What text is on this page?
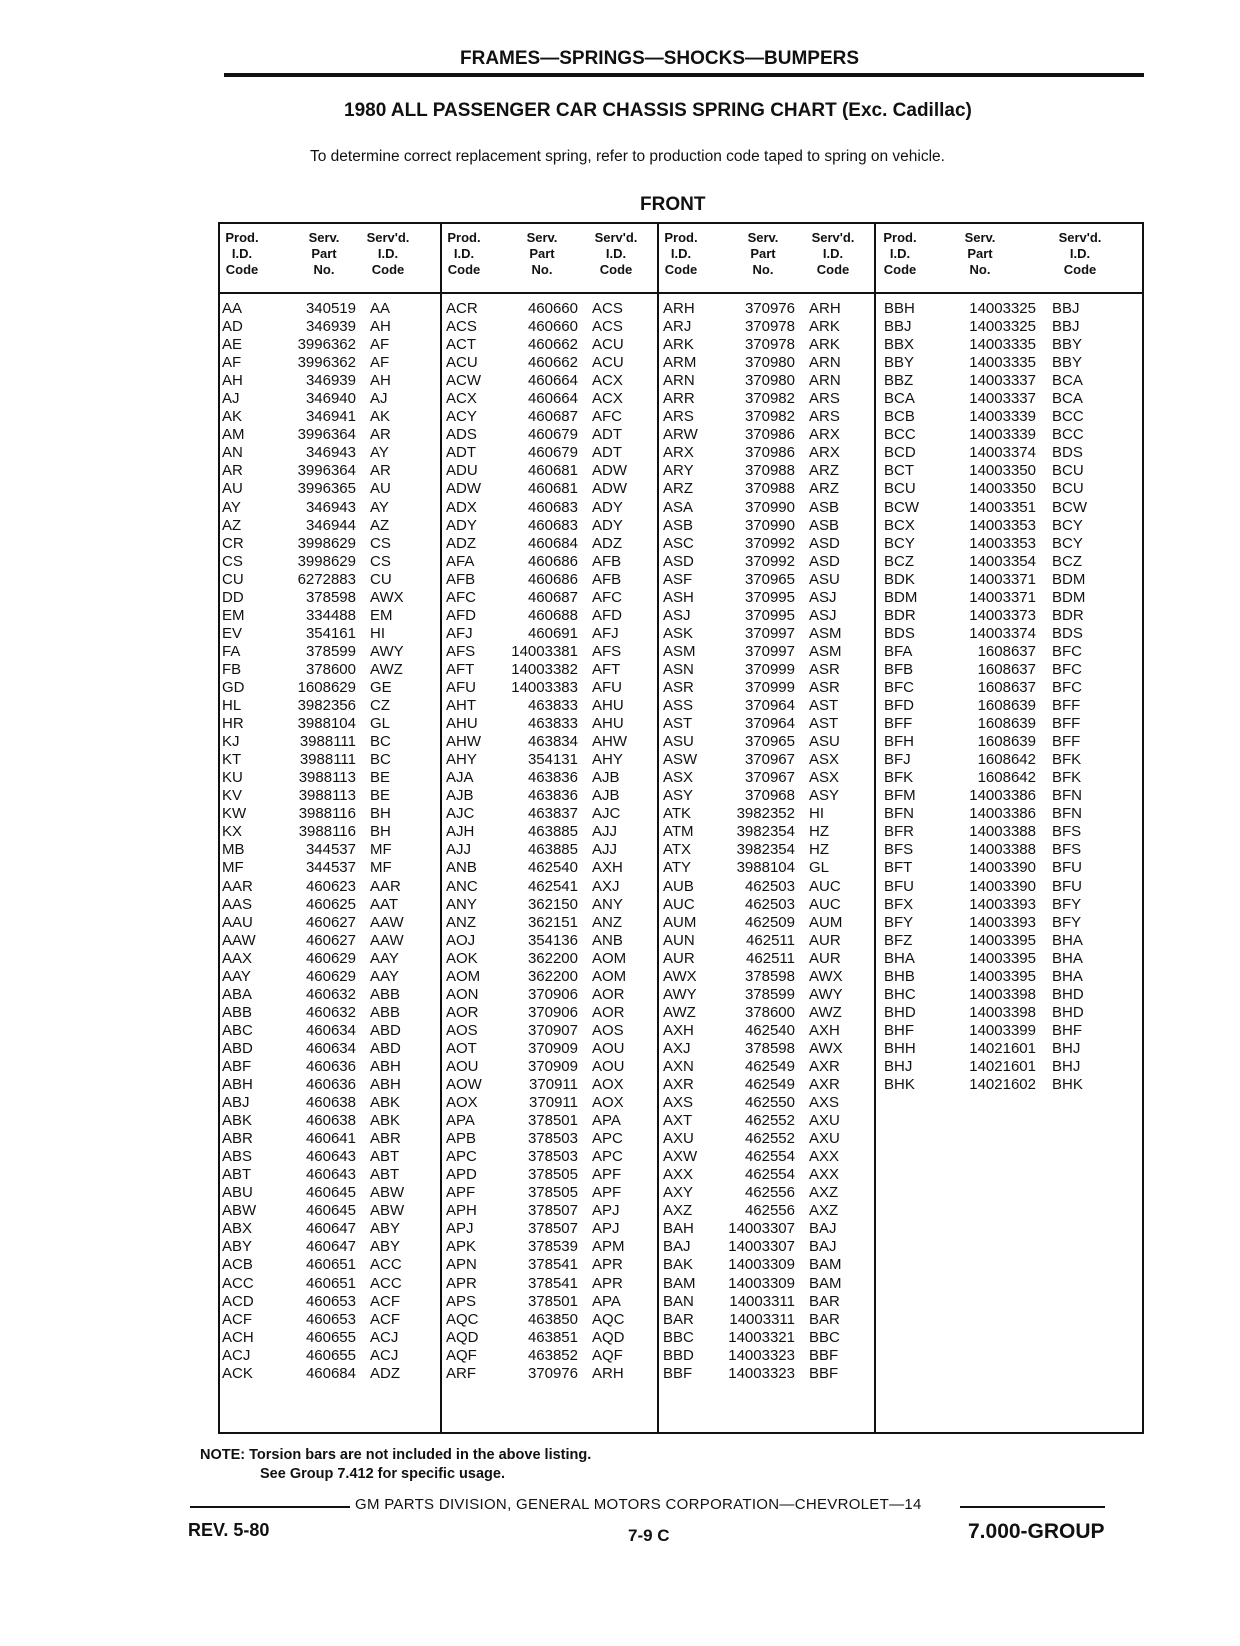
FRAMES—SPRINGS—SHOCKS—BUMPERS
1980 ALL PASSENGER CAR CHASSIS SPRING CHART (Exc. Cadillac)
To determine correct replacement spring, refer to production code taped to spring on vehicle.
FRONT
Prod.
I.D.
Code
Serv.
Part
No.
Serv'd.
I.D.
Code
AA	340519 AA
AD	346939 AH
AE	3996362 AF
AF	3996362 AF
AH	346939 AH
AJ	346940 AJ
AK	346941 AK
AM	3996364 AR
AN	346943 AY
AR	3996364 AR
AU	3996365 AU
AY	346943 AY
AZ	346944 AZ
CR	3998629 CS
CS	3998629 CS
CU	6272883 CU
DD	378598 AWX
EM	334488 EM
EV	354161 HI
FA	378599 AWY
FB	378600 AWZ
GD	1608629 GE
HL	3982356 CZ
HR	3988104 GL
KJ	3988111 BC
KT	3988111 BC
KU	3988113 BE
KV	3988113 BE
KW	3988116 BH
KX	3988116 BH
MB	344537 MF
MF	344537 MF
AAR	460623 AAR
AAS	460625 AAT
AAU	460627 AAW
AAW	460627 AAW
AAX	460629 AAY
AAY	460629 AAY
ABA	460632 ABB
ABB	460632 ABB
ABC	460634 ABD
ABD	460634 ABD
ABF	460636 ABH
ABH	460636 ABH
ABJ	460638 ABK
ABK	460638 ABK
ABR	460641 ABR
ABS	460643 ABT
ABT	460643 ABT
ABU	460645 ABW
ABW	460645 ABW
ABX	460647 ABY
ABY	460647 ABY
ACB	460651 ACC
ACC	460651 ACC
ACD	460653 ACF
ACF	460653 ACF
ACH	460655 ACJ
ACJ	460655 ACJ
ACK	460684 ADZ
Prod.
I.D.
Code
Serv.
Part
No.
Serv'd.
I.D.
Code
ACR	460660 ACS
ACS	460660 ACS
ACT	460662 ACU
ACU	460662 ACU
ACW	460664 ACX
ACX	460664 ACX
ACY	460687 AFC
ADS	460679 ADT
ADT	460679 ADT
ADU	460681 ADW
ADW	460681 ADW
ADX	460683 ADY
ADY	460683 ADY
ADZ	460684 ADZ
AFA	460686 AFB
AFB	460686 AFB
AFC	460687 AFC
AFD	460688 AFD
AFJ	460691 AFJ
AFS	14003381 AFS
AFT	14003382 AFT
AFU	14003383 AFU
AHT	463833 AHU
AHU	463833 AHU
AHW	463834 AHW
AHY	354131 AHY
AJA	463836 AJB
AJB	463836 AJB
AJC	463837 AJC
AJH	463885 AJJ
AJJ	463885 AJJ
ANB	462540 AXH
ANC	462541 AXJ
ANY	362150 ANY
ANZ	362151 ANZ
AOJ	354136 ANB
AOK	362200 AOM
AOM	362200 AOM
AON	370906 AOR
AOR	370906 AOR
AOS	370907 AOS
AOT	370909 AOU
AOU	370909 AOU
AOW	370911 AOX
AOX	370911 AOX
APA	378501 APA
APB	378503 APC
APC	378503 APC
APD	378505 APF
APF	378505 APF
APH	378507 APJ
APJ	378507 APJ
APK	378539 APM
APN	378541 APR
APR	378541 APR
APS	378501 APA
AQC	463850 AQC
AQD	463851 AQD
AQF	463852 AQF
ARF	370976 ARH
Prod.
I.D.
Code
Serv.
Part
No.
Serv'd.
I.D.
Code
ARH	370976 ARH
ARJ	370978 ARK
ARK	370978 ARK
ARM	370980 ARN
ARN	370980 ARN
ARR	370982 ARS
ARS	370982 ARS
ARW	370986 ARX
ARX	370986 ARX
ARY	370988 ARZ
ARZ	370988 ARZ
ASA	370990 ASB
ASB	370990 ASB
ASC	370992 ASD
ASD	370992 ASD
ASF	370965 ASU
ASH	370995 ASJ
ASJ	370995 ASJ
ASK	370997 ASM
ASM	370997 ASM
ASN	370999 ASR
ASR	370999 ASR
ASS	370964 AST
AST	370964 AST
ASU	370965 ASU
ASW	370967 ASX
ASX	370967 ASX
ASY	370968 ASY
ATK	3982352 HI
ATM	3982354 HZ
ATX	3982354 HZ
ATY	3988104 GL
AUB	462503 AUC
AUC	462503 AUC
AUM	462509 AUM
AUN	462511 AUR
AUR	462511 AUR
AWX	378598 AWX
AWY	378599 AWY
AWZ	378600 AWZ
AXH	462540 AXH
AXJ	378598 AWX
AXN	462549 AXR
AXR	462549 AXR
AXS	462550 AXS
AXT	462552 AXU
AXU	462552 AXU
AXW	462554 AXX
AXX	462554 AXX
AXY	462556 AXZ
AXZ	462556 AXZ
BAH	14003307 BAJ
BAJ	14003307 BAJ
BAK	14003309 BAM
BAM	14003309 BAM
BAN	14003311 BAR
BAR	14003311 BAR
BBC	14003321 BBC
BBD	14003323 BBF
BBF	14003323 BBF
Prod.
I.D.
Code
Serv.
Part
No.
Serv'd.
I.D.
Code
BBH	14003325 BBJ
BBJ	14003325 BBJ
BBX	14003335 BBY
BBY	14003335 BBY
BBZ	14003337 BCA
BCA	14003337 BCA
BCB	14003339 BCC
BCC	14003339 BCC
BCD	14003374 BDS
BCT	14003350 BCU
BCU	14003350 BCU
BCW	14003351 BCW
BCX	14003353 BCY
BCY	14003353 BCY
BCZ	14003354 BCZ
BDK	14003371 BDM
BDM	14003371 BDM
BDR	14003373 BDR
BDS	14003374 BDS
BFA	1608637 BFC
BFB	1608637 BFC
BFC	1608637 BFC
BFD	1608639 BFF
BFF	1608639 BFF
BFH	1608639 BFF
BFJ	1608642 BFK
BFK	1608642 BFK
BFM	14003386 BFN
BFN	14003386 BFN
BFR	14003388 BFS
BFS	14003388 BFS
BFT	14003390 BFU
BFU	14003390 BFU
BFX	14003393 BFY
BFY	14003393 BFY
BFZ	14003395 BHA
BHA	14003395 BHA
BHB	14003395 BHA
BHC	14003398 BHD
BHD	14003398 BHD
BHF	14003399 BHF
BHH	14021601 BHJ
BHJ	14021601 BHJ
BHK	14021602 BHK
NOTE: Torsion bars are not included in the above listing.
See Group 7.412 for specific usage.
GM PARTS DIVISION, GENERAL MOTORS CORPORATION—CHEVROLET—14
REV. 5-80	7-9 C	7.000-GROUP
